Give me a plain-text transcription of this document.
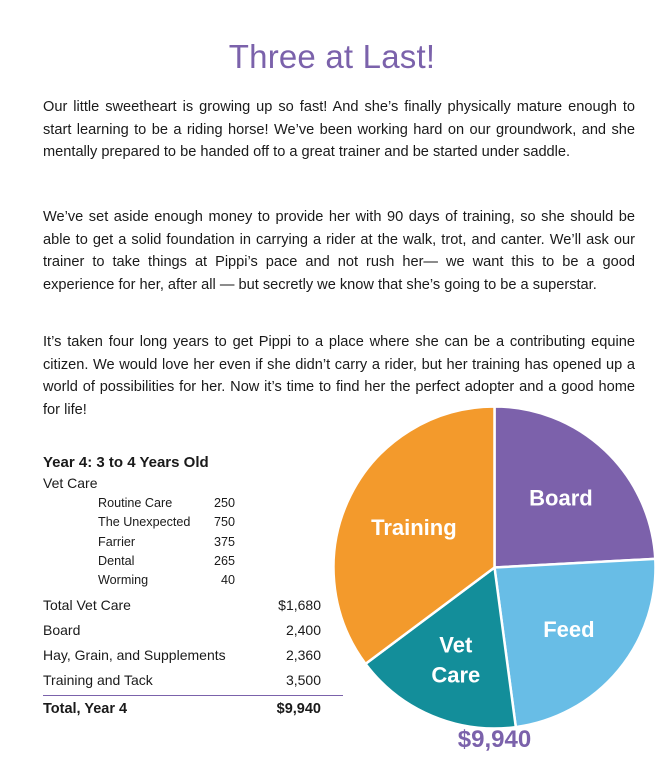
Three at Last!

Our little sweetheart is growing up so fast! And she’s finally physically mature enough to start learning to be a riding horse! We’ve been working hard on our groundwork, and she mentally prepared to be handed off to a great trainer and be started under saddle.

We’ve set aside enough money to provide her with 90 days of training, so she should be able to get a solid foundation in carrying a rider at the walk, trot, and canter. We’ll ask our trainer to take things at Pippi’s pace and not rush her— we want this to be a good experience for her, after all — but secretly we know that she’s going to be a superstar.

It’s taken four long years to get Pippi to a place where she can be a contributing equine citizen. We would love her even if she didn’t carry a rider, but her training has opened up a world of possibilities for her. Now it’s time to find her the perfect adopter and a good home for life!

Year 4: 3 to 4 Years Old
Vet Care
Routine Care	250
The Unexpected 750
Farrier	375
Dental	265
Worming	40
Total Vet Care	$1,680
Board	2,400
Hay, Grain, and Supplements	2,360
Training and Tack	3,500
Total, Year 4	$9,940
Board
Feed
Vet Care
Training
$9,940
